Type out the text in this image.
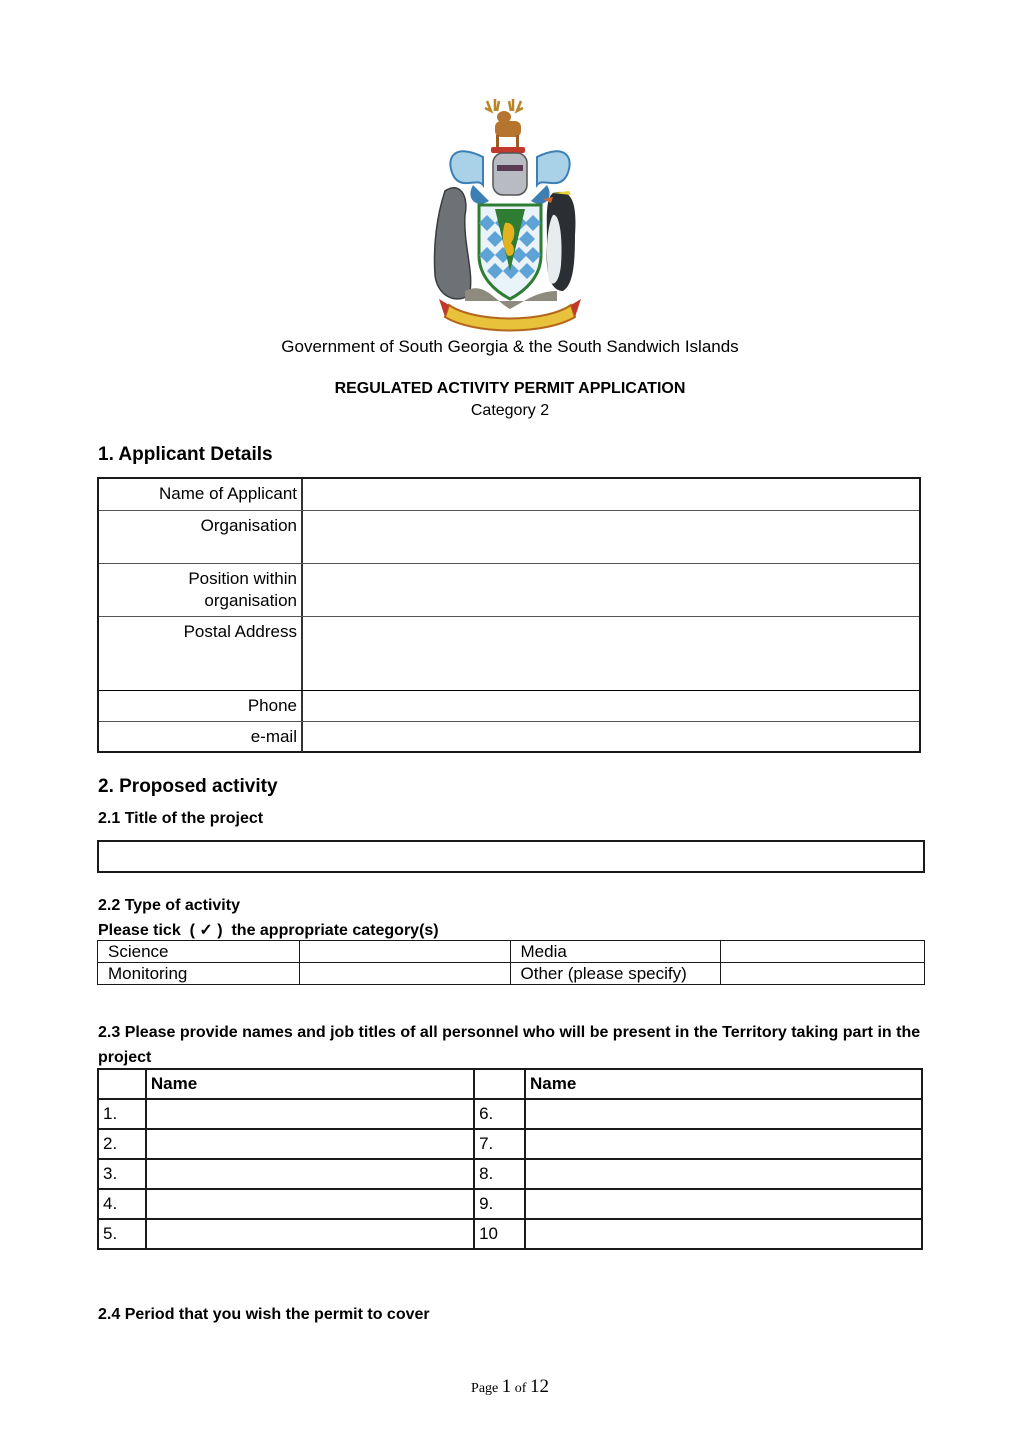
Government of South Georgia & the South Sandwich Islands
REGULATED ACTIVITY PERMIT APPLICATION
Category 2
1. Applicant Details
Name of Applicant
Organisation
Position within
organisation
Postal Address
Phone
e-mail
2. Proposed activity
2.1 Title of the project
2.2 Type of activity
Please tick  ( ✓ )  the appropriate category(s)
Science		Media	
Monitoring		Other (please specify)	
2.3 Please provide names and job titles of all personnel who will be present in the Territory taking part in the project
	Name		Name
1.		6.	
2.		7.	
3.		8.	
4.		9.	
5.		10	
2.4 Period that you wish the permit to cover
Page 1 of 12
